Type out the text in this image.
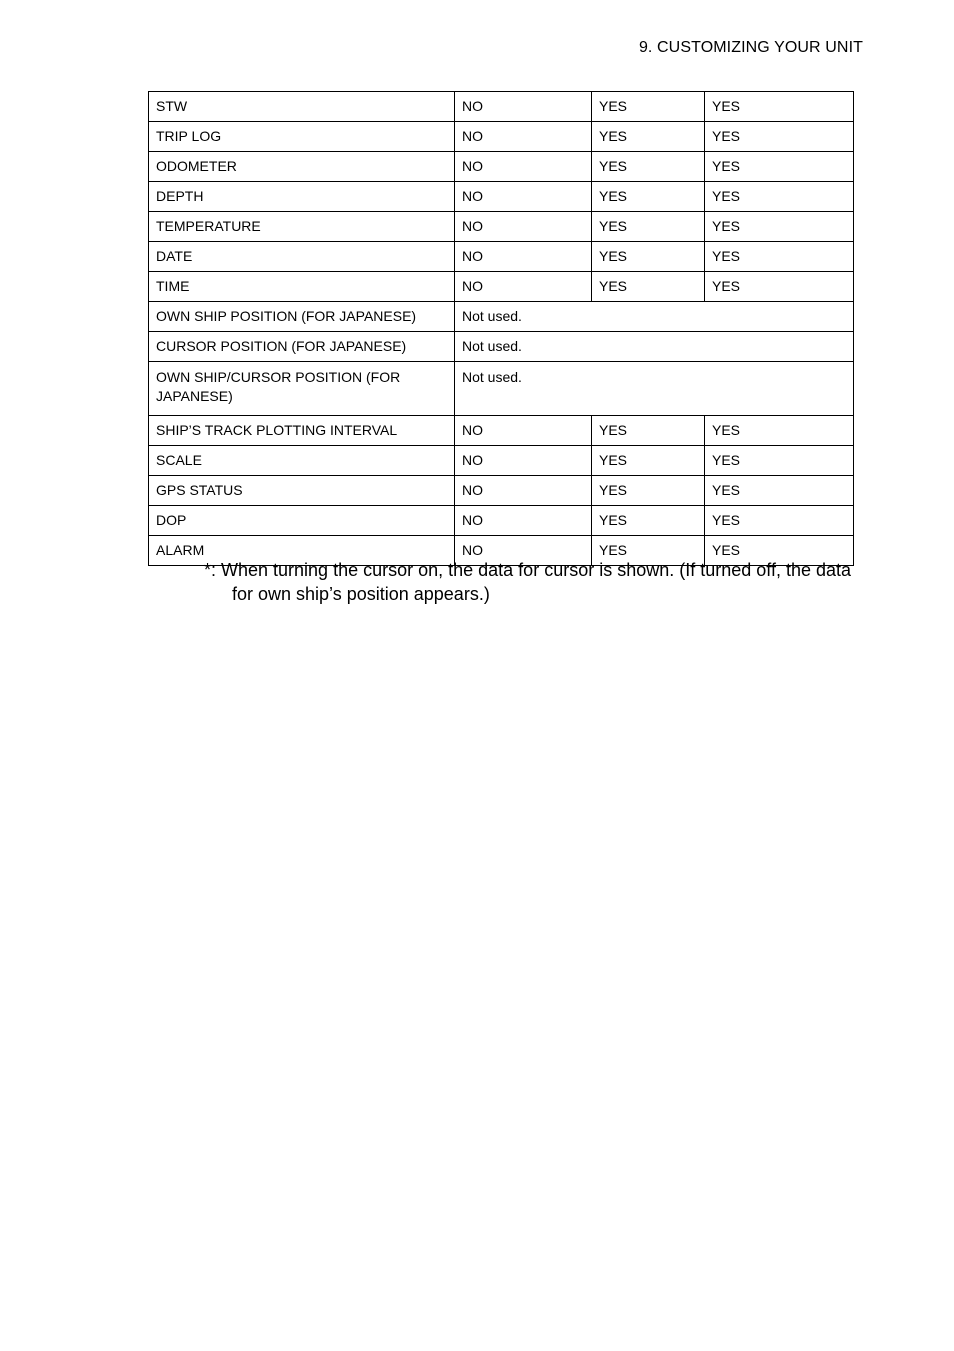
9. CUSTOMIZING YOUR UNIT
STW	NO	YES	YES
TRIP LOG	NO	YES	YES
ODOMETER	NO	YES	YES
DEPTH	NO	YES	YES
TEMPERATURE	NO	YES	YES
DATE	NO	YES	YES
TIME	NO	YES	YES
OWN SHIP POSITION (FOR JAPANESE)	Not used.		
CURSOR POSITION (FOR JAPANESE)	Not used.		
OWN SHIP/CURSOR POSITION (FOR JAPANESE)	Not used.		
SHIP’S TRACK PLOTTING INTERVAL	NO	YES	YES
SCALE	NO	YES	YES
GPS STATUS	NO	YES	YES
DOP	NO	YES	YES
ALARM	NO	YES	YES
*: When turning the cursor on, the data for cursor is shown. (If turned off, the data for own ship’s position appears.)
